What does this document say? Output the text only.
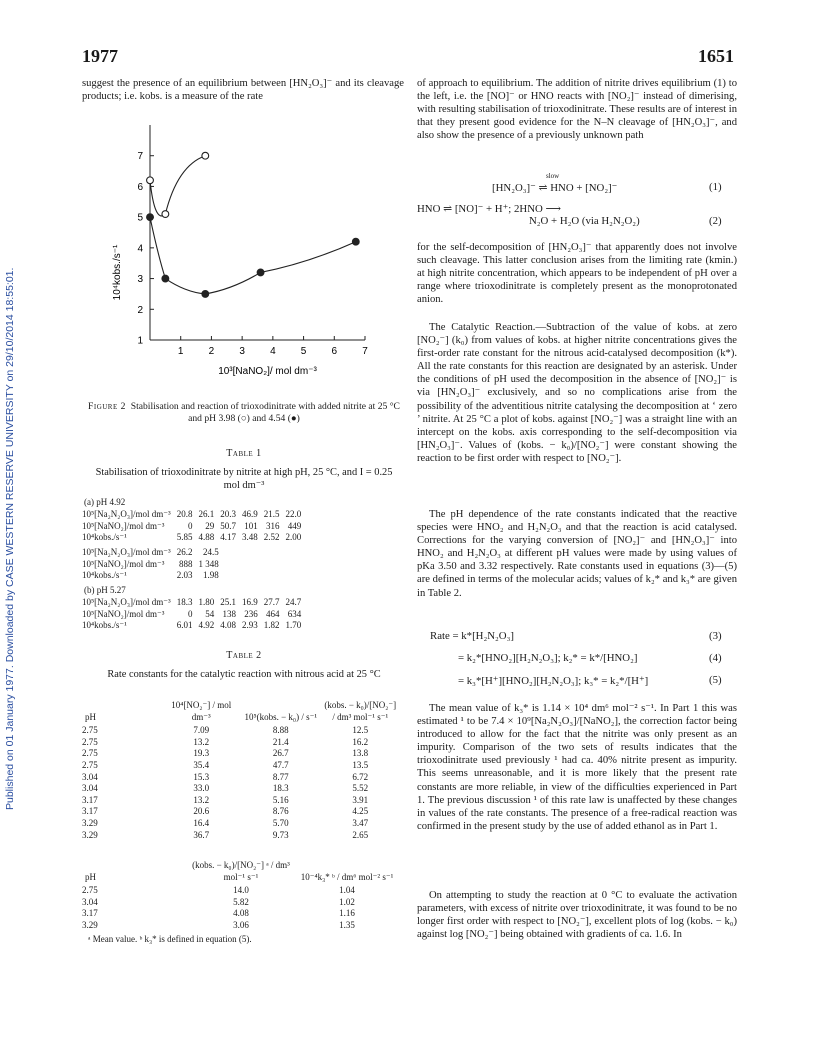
Published on 01 January 1977. Downloaded by CASE WESTERN RESERVE UNIVERSITY on 29/10/2014 18:55:01.
1977	1651

suggest the presence of an equilibrium between [HN₂O₃]⁻ and its cleavage products; i.e. kobs. is a measure of the rate

1	2	3	4	5	6	7
1
2
3
4
5
6
7
10³[NaNO₂]/ mol dm⁻³
10⁴kobs./s⁻¹
Figure 2 Stabilisation and reaction of trioxodinitrate with added nitrite at 25 °C and pH 3.98 (○) and 4.54 (●)
Table 1
Stabilisation of trioxodinitrate by nitrite at high pH, 25 °C, and I = 0.25 mol dm⁻³
(a) pH 4.92
10⁵[Na₂N₂O₃]/mol dm⁻³	20.8	26.1	20.3	46.9	21.5	22.0
10⁵[NaNO₂]/mol dm⁻³	0	29	50.7	101	316	449
10⁴kobs./s⁻¹	5.85	4.88	4.17	3.48	2.52	2.00
10⁵[Na₂N₂O₃]/mol dm⁻³	26.2	24.5
10⁵[NaNO₂]/mol dm⁻³	888	1 348
10⁴kobs./s⁻¹	2.03	1.98
(b) pH 5.27
10⁵[Na₂N₂O₃]/mol dm⁻³	18.3	1.80	25.1	16.9	27.7	24.7
10⁵[NaNO₂]/mol dm⁻³	0	54	138	236	464	634
10⁴kobs./s⁻¹	6.01	4.92	4.08	2.93	1.82	1.70
Table 2
Rate constants for the catalytic reaction with nitrous acid at 25 °C
pH	10⁴[NO₂⁻] / mol dm⁻³	10⁵(kobs. − k₀) / s⁻¹	(kobs. − k₀)/[NO₂⁻] / dm³ mol⁻¹ s⁻¹
2.75	7.09	8.88	12.5
2.75	13.2	21.4	16.2
2.75	19.3	26.7	13.8
2.75	35.4	47.7	13.5
3.04	15.3	8.77	6.72
3.04	33.0	18.3	5.52
3.17	13.2	5.16	3.91
3.17	20.6	8.76	4.25
3.29	16.4	5.70	3.47
3.29	36.7	9.73	2.65
pH	(kobs. − k₀)/[NO₂⁻] ᵃ / dm³ mol⁻¹ s⁻¹	10⁻⁴k₃* ᵇ / dm⁶ mol⁻² s⁻¹
2.75	14.0	1.04
3.04	5.82	1.02
3.17	4.08	1.16
3.29	3.06	1.35
ᵃ Mean value. ᵇ k₃* is defined in equation (5).

of approach to equilibrium. The addition of nitrite drives equilibrium (1) to the left, i.e. the [NO]⁻ or HNO reacts with [NO₂]⁻ instead of dimerising, with resulting stabilisation of trioxodinitrate. These results are of interest in that they present good evidence for the N–N cleavage of [HN₂O₃]⁻, and also show the presence of a previously unknown path

slow
[HN₂O₃]⁻ ⇌ HNO + [NO₂]⁻	(1)
HNO ⇌ [NO]⁻ + H⁺; 2HNO ⟶
N₂O + H₂O (via H₂N₂O₂)	(2)

for the self-decomposition of [HN₂O₃]⁻ that apparently does not involve such cleavage. This latter conclusion arises from the limiting rate (kmin.) at high nitrite concentration, which appears to be independent of pH over a range where trioxodinitrate is completely present as the monoprotonated anion.

The Catalytic Reaction.—Subtraction of the value of kobs. at zero [NO₂⁻] (k₀) from values of kobs. at higher nitrite concentrations gives the first-order rate constant for the nitrous acid-catalysed decomposition (k*). All the rate constants for this reaction are designated by an asterisk. Under the conditions of pH used the decomposition in the absence of [NO₂]⁻ is via [HN₂O₃]⁻ exclusively, and so no complications arise from the possibility of the adventitious nitrite catalysing the decomposition at ‘ zero ’ nitrite. At 25 °C a plot of kobs. against [NO₂⁻] was a straight line with an intercept on the kobs. axis corresponding to the self-decomposition via [HN₂O₃]⁻. Values of (kobs. − k₀)/[NO₂⁻] were constant showing the reaction to be first order with respect to [NO₂⁻].

The pH dependence of the rate constants indicated that the reactive species were HNO₂ and H₂N₂O₃ and that the reaction is acid catalysed. Corrections for the varying conversion of [NO₂]⁻ and [HN₂O₃]⁻ into HNO₂ and H₂N₂O₃ at different pH values were made by using values of pKa 3.50 and 3.32 respectively. Rate constants used in equations (3)—(5) are defined in terms of the molecular acids; values of k₂* and k₃* are given in Table 2.

Rate = k*[H₂N₂O₃]	(3)
= k₂*[HNO₂][H₂N₂O₃]; k₂* = k*/[HNO₂]	(4)
= k₃*[H⁺][HNO₂][H₂N₂O₃]; k₃* = k₂*/[H⁺]	(5)

The mean value of k₃* is 1.14 × 10⁴ dm⁶ mol⁻² s⁻¹. In Part 1 this was estimated ¹ to be 7.4 × 10⁹[Na₂N₂O₃]/[NaNO₂], the correction factor being introduced to allow for the fact that the nitrite was only present as an impurity. Comparison of the two sets of results indicates that the trioxodinitrate used previously ¹ had ca. 40% nitrite present as impurity. This seems unreasonable, and it is more likely that the present rate constants are more reliable, in view of the difficulties experienced in Part 1. The previous discussion ¹ of this rate law is unaffected by these changes in values of the rate constants. The presence of a free-radical reaction was confirmed in the present study by the use of added ethanol as in Part 1.

On attempting to study the reaction at 0 °C to evaluate the activation parameters, with excess of nitrite over trioxodinitrate, it was found to be no longer first order with respect to [NO₂⁻], excellent plots of log (kobs. − k₀) against log [NO₂⁻] being obtained with gradients of ca. 1.6. In
